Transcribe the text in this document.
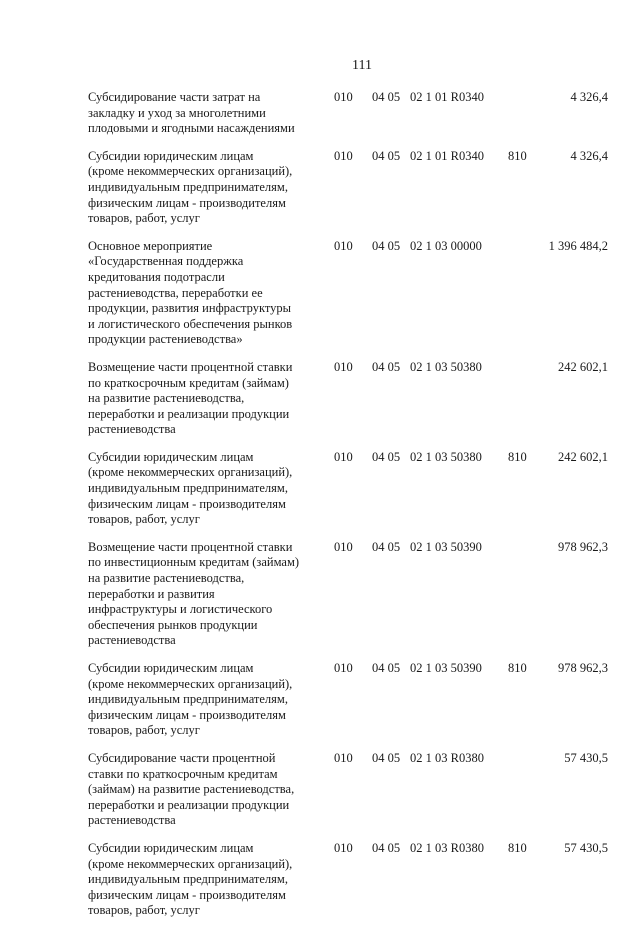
111
Субсидирование части затрат на
закладку и уход за многолетними
плодовыми и ягодными насаждениями
010 04 05 02 1 01 R0340	4 326,4
Субсидии юридическим лицам
(кроме некоммерческих организаций),
индивидуальным предпринимателям,
физическим лицам - производителям
товаров, работ, услуг
010 04 05 02 1 01 R0340 810	4 326,4
Основное мероприятие
«Государственная поддержка
кредитования подотрасли
растениеводства, переработки ее
продукции, развития инфраструктуры
и логистического обеспечения рынков
продукции растениеводства»
010 04 05 02 1 03 00000	1 396 484,2
Возмещение части процентной ставки
по краткосрочным кредитам (займам)
на развитие растениеводства,
переработки и реализации продукции
растениеводства
010 04 05 02 1 03 50380	242 602,1
Субсидии юридическим лицам
(кроме некоммерческих организаций),
индивидуальным предпринимателям,
физическим лицам - производителям
товаров, работ, услуг
010 04 05 02 1 03 50380 810	242 602,1
Возмещение части процентной ставки
по инвестиционным кредитам (займам)
на развитие растениеводства,
переработки и развития
инфраструктуры и логистического
обеспечения рынков продукции
растениеводства
010 04 05 02 1 03 50390	978 962,3
Субсидии юридическим лицам
(кроме некоммерческих организаций),
индивидуальным предпринимателям,
физическим лицам - производителям
товаров, работ, услуг
010 04 05 02 1 03 50390 810	978 962,3
Субсидирование части процентной
ставки по краткосрочным кредитам
(займам) на развитие растениеводства,
переработки и реализации продукции
растениеводства
010 04 05 02 1 03 R0380	57 430,5
Субсидии юридическим лицам
(кроме некоммерческих организаций),
индивидуальным предпринимателям,
физическим лицам - производителям
товаров, работ, услуг
010 04 05 02 1 03 R0380 810	57 430,5
